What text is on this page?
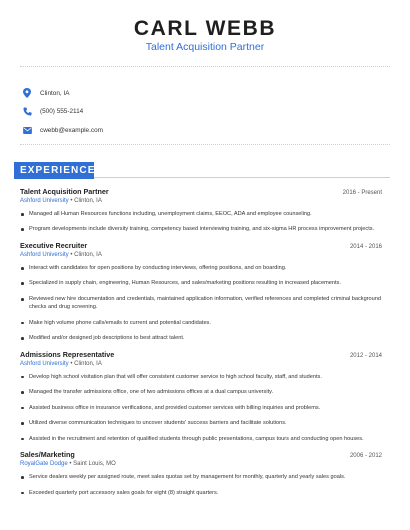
CARL WEBB
Talent Acquisition Partner
Clinton, IA
(500) 555-2114
cwebb@example.com
EXPERIENCE
Talent Acquisition Partner	2016 - Present
Ashford University • Clinton, IA
Managed all Human Resources functions including, unemployment claims, EEOC, ADA and employee counseling.
Program developments include diversity training, competency based interviewing training, and six-sigma HR process improvement projects.
Executive Recruiter	2014 - 2016
Ashford University • Clinton, IA
Interact with candidates for open positions by conducting interviews, offering positions, and on boarding.
Specialized in supply chain, engineering, Human Resources, and sales/marketing positions resulting in increased placements.
Reviewed new hire documentation and credentials, maintained application information, verified references and completed criminal background checks and drug screening.
Make high volume phone calls/emails to current and potential candidates.
Modified and/or designed job descriptions to best attract talent.
Admissions Representative	2012 - 2014
Ashford University • Clinton, IA
Develop high school visitation plan that will offer consistent customer service to high school faculty, staff, and students.
Managed the transfer admissions office, one of two admissions offices at a dual campus university.
Assisted business office in insurance verifications, and provided customer services with billing inquiries and problems.
Utilized diverse communication techniques to uncover students' success barriers and facilitate solutions.
Assisted in the recruitment and retention of qualified students through public presentations, campus tours and conducting open houses.
Sales/Marketing	2006 - 2012
RoyalGate Dodge • Saint Louis, MO
Service dealers weekly per assigned route, meet sales quotas set by management for monthly, quarterly and yearly sales goals.
Exceeded quarterly port accessory sales goals for eight (8) straight quarters.
